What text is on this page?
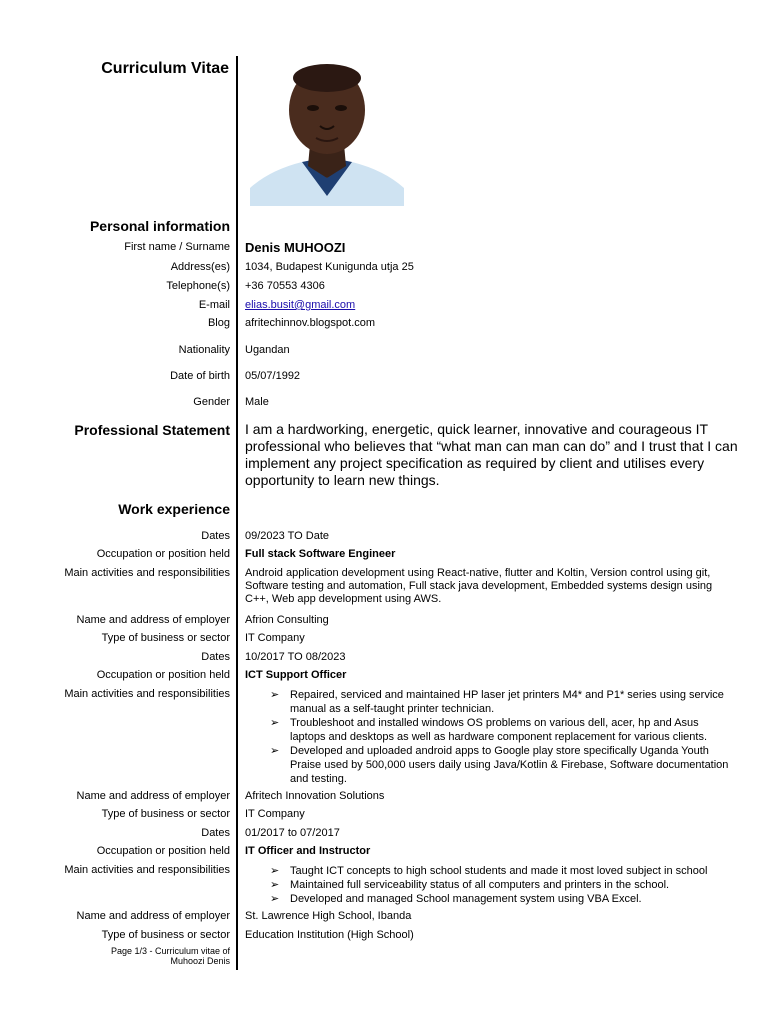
Curriculum Vitae
Personal information
First name / Surname Denis MUHOOZI
Address(es) 1034, Budapest Kunigunda utja 25
Telephone(s) +36 70553 4306
E-mail elias.busit@gmail.com
Blog afritechinnov.blogspot.com
Nationality Ugandan
Date of birth 05/07/1992
Gender Male
Professional Statement I am a hardworking, energetic, quick learner, innovative and courageous IT professional who believes that “what man can man can do” and I trust that I can implement any project specification as required by client and utilises every opportunity to learn new things.
Work experience
Dates 09/2023 TO Date
Occupation or position held Full stack Software Engineer
Main activities and responsibilities Android application development using React-native, flutter and Koltin, Version control using git, Software testing and automation, Full stack java development, Embedded systems design using C++, Web app development using AWS.
Name and address of employer Afrion Consulting
Type of business or sector IT Company
Dates 10/2017 TO 08/2023
Occupation or position held ICT Support Officer
Main activities and responsibilities	➢ Repaired, serviced and maintained HP laser jet printers M4* and P1* series using service manual as a self-taught printer technician.
➢ Troubleshoot and installed windows OS problems on various dell, acer, hp and Asus laptops and desktops as well as hardware component replacement for various clients.
➢ Developed and uploaded android apps to Google play store specifically Uganda Youth Praise used by 500,000 users daily using Java/Kotlin & Firebase, Software documentation and testing.
Name and address of employer Afritech Innovation Solutions
Type of business or sector IT Company
Dates 01/2017 to 07/2017
Occupation or position held IT Officer and Instructor
Main activities and responsibilities	➢ Taught ICT concepts to high school students and made it most loved subject in school
➢ Maintained full serviceability status of all computers and printers in the school.
➢ Developed and managed School management system using VBA Excel.
Name and address of employer St. Lawrence High School, Ibanda
Type of business or sector Education Institution (High School)
Page 1/3 - Curriculum vitae of
Muhoozi Denis
